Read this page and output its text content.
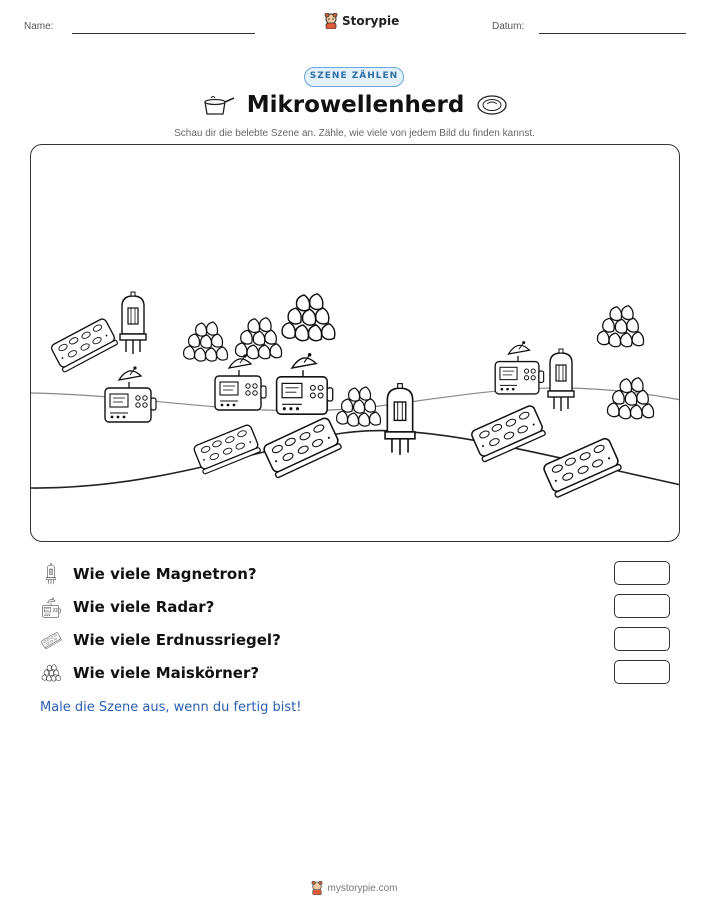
Name:	Storypie	Datum:
SZENE ZÄHLEN
Mikrowellenherd
Schau dir die belebte Szene an. Zähle, wie viele von jedem Bild du finden kannst.
Wie viele Magnetron?
Wie viele Radar?
Wie viele Erdnussriegel?
Wie viele Maiskörner?
Male die Szene aus, wenn du fertig bist!
mystorypie.com
